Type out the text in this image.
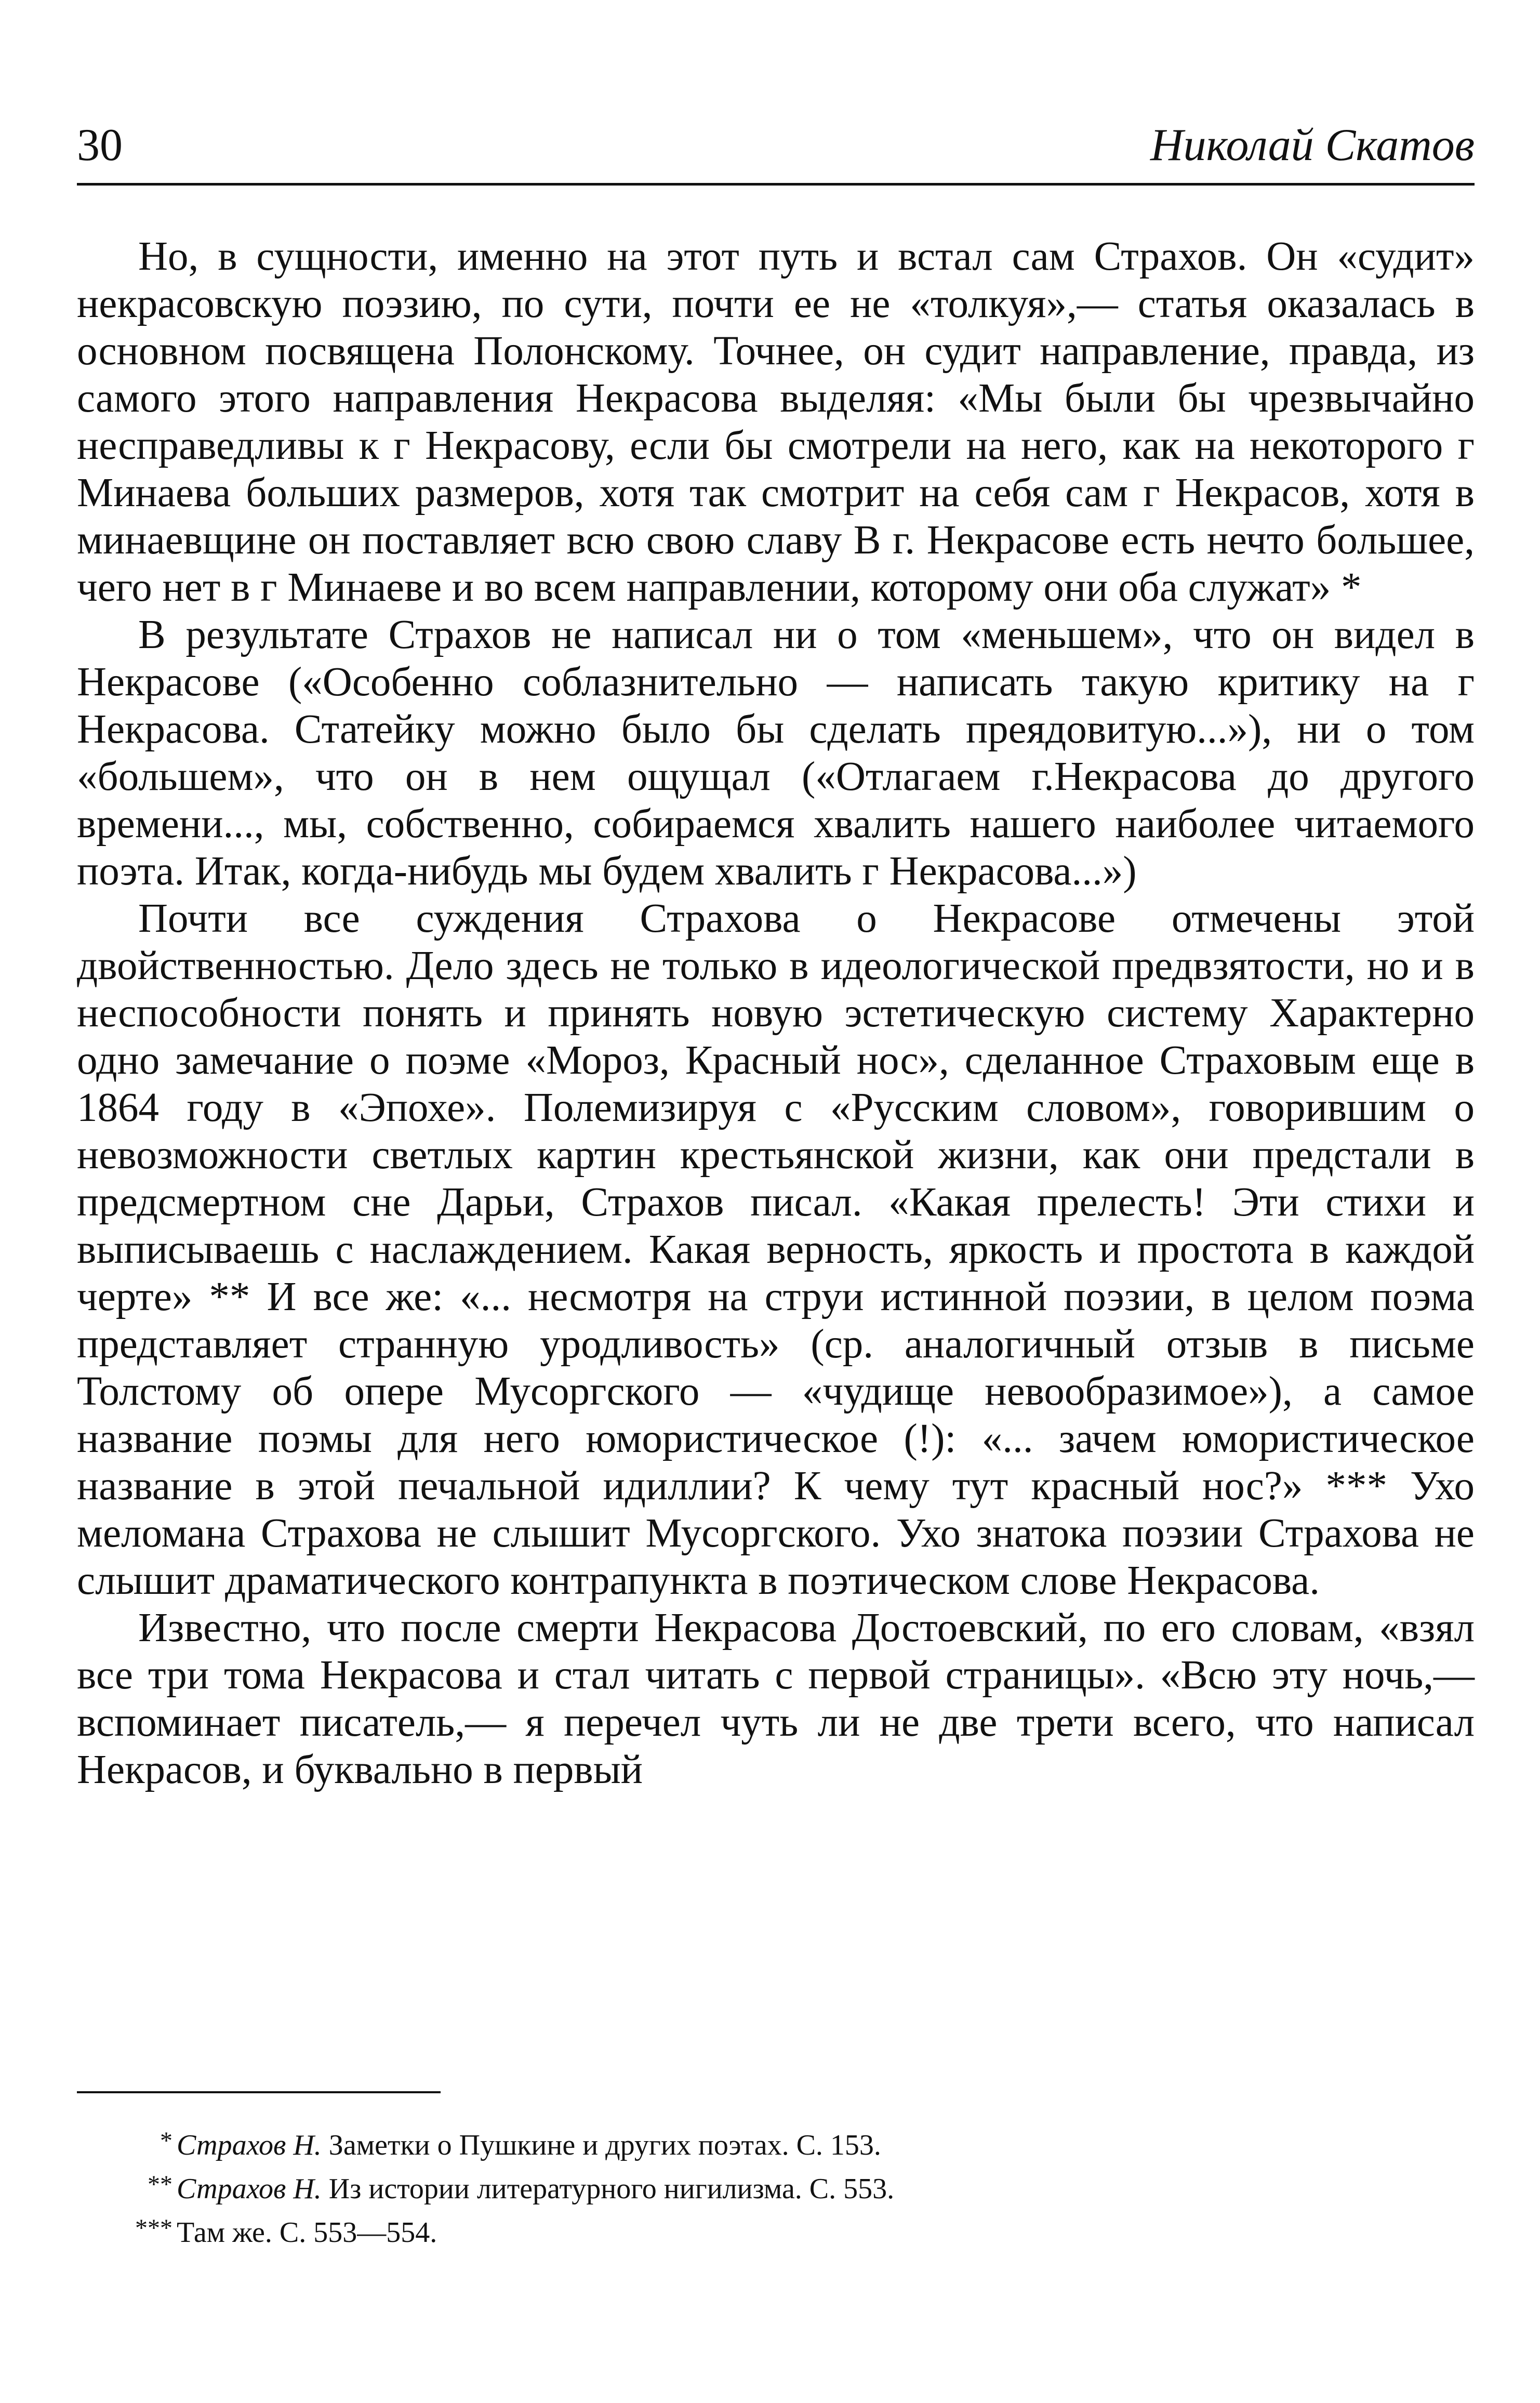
30	Николай Скатов

Но, в сущности, именно на этот путь и встал сам Страхов. Он «судит» некрасовскую поэзию, по сути, почти ее не «толкуя»,— статья оказалась в основном посвящена Полонскому. Точнее, он судит направление, правда, из самого этого направления Некрасова выделяя: «Мы были бы чрезвычайно несправедливы к г Некрасову, если бы смотрели на него, как на некоторого г Минаева больших размеров, хотя так смотрит на себя сам г Некрасов, хотя в минаевщине он поставляет всю свою славу В г. Некрасове есть нечто большее, чего нет в г Минаеве и во всем направлении, которому они оба служат» *

В результате Страхов не написал ни о том «меньшем», что он видел в Некрасове («Особенно соблазнительно — написать такую критику на г Некрасова. Статейку можно было бы сделать преядовитую...»), ни о том «большем», что он в нем ощущал («Отлагаем г.Некрасова до другого времени..., мы, собственно, собираемся хвалить нашего наиболее читаемого поэта. Итак, когда-нибудь мы будем хвалить г Некрасова...»)

Почти все суждения Страхова о Некрасове отмечены этой двойственностью. Дело здесь не только в идеологической предвзятости, но и в неспособности понять и принять новую эстетическую систему Характерно одно замечание о поэме «Мороз, Красный нос», сделанное Страховым еще в 1864 году в «Эпохе». Полемизируя с «Русским словом», говорившим о невозможности светлых картин крестьянской жизни, как они предстали в предсмертном сне Дарьи, Страхов писал. «Какая прелесть! Эти стихи и выписываешь с наслаждением. Какая верность, яркость и простота в каждой черте» ** И все же: «... несмотря на струи истинной поэзии, в целом поэма представляет странную уродливость» (ср. аналогичный отзыв в письме Толстому об опере Мусоргского — «чудище невообразимое»), а самое название поэмы для него юмористическое (!): «... зачем юмористическое название в этой печальной идиллии? К чему тут красный нос?» *** Ухо меломана Страхова не слышит Мусоргского. Ухо знатока поэзии Страхова не слышит драматического контрапункта в поэтическом слове Некрасова.

Известно, что после смерти Некрасова Достоевский, по его словам, «взял все три тома Некрасова и стал читать с первой страницы». «Всю эту ночь,— вспоминает писатель,— я перечел чуть ли не две трети всего, что написал Некрасов, и буквально в первый

* Страхов Н. Заметки о Пушкине и других поэтах. С. 153.

** Страхов Н. Из истории литературного нигилизма. С. 553.

*** Там же. С. 553—554.
